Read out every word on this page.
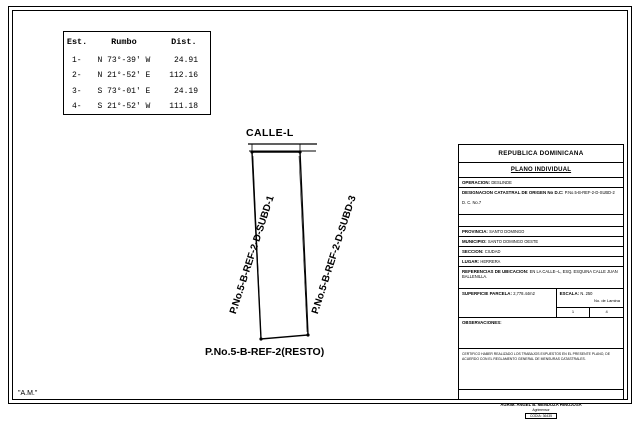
Est.	Rumbo	Dist.
1-	N 73°-39' W	24.91
2-	N 21°-52' E	112.16
3-	S 73°-01' E	24.19
4-	S 21°-52' W	111.18
CALLE-L
P.No.5-B-REF-2-D-SUBD-1	P.No.5-B-REF-2-D-SUBD-3
P.No.5-B-REF-2(RESTO)
"A.M."
REPUBLICA DOMINICANA
PLANO INDIVIDUAL
OPERACION: DESLINDE
DESIGNACION CATASTRAL DE ORIGEN No D.C: P.No.5-B-REF-2-D-SUBD-2
D. C. No.7
PROVINCIA: SANTO DOMINGO
MUNICIPIO: SANTO DOMINGO OESTE
SECCION: CIUDAD
LUGAR: HERRERA
REFERENCIAS DE UBICACION: EN LA CALLE--L, ESQ. ESQUINA CALLE JUAN BALLENILLA.
SUPERFICIE PARCELA: 2,778.44m2	ESCALA: N. 250
No. de Lamina
1	4
OBSERVACIONES:
CERTIFICO HABER REALIZADO LOS TRABAJOS EXPUESTOS EN EL PRESENTE PLANO, DE ACUERDO CON EL REGLAMENTO GENERAL DE MENSURAS CATASTRALES.
AGRIM. ANGEL B. MENDOZA HINOJOSA
Agrimensor
CODIA: 36435
